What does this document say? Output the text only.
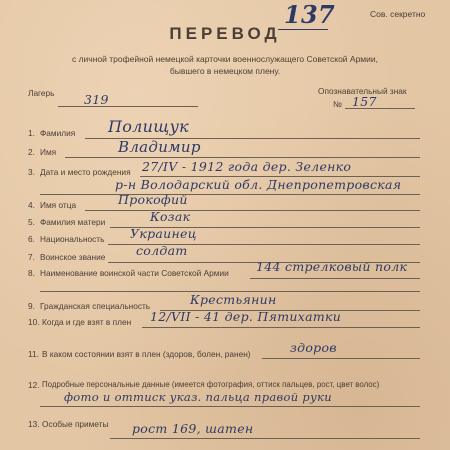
Сов. секретно
137
ПЕРЕВОД
с личной трофейной немецкой карточки военнослужащего Советской Армии,
бывшего в немецком плену.
Лагерь 319
Опознавательный знак
№ 157
1. Фамилия Полищук
2. Имя	Владимир
3. Дата и место рождения 27/IV - 1912 года дер. Зеленко
р-н Володарский обл. Днепропетровская
4. Имя отца	Прокофий
5. Фамилия матери	Козак
6. Национальность Украинец
7. Воинское звание солдат
8. Наименование воинской части Советской Армии 144 стрелковый полк
9. Гражданская специальность	Крестьянин
10. Когда и где взят в плен 12/VII - 41 дер. Пятихатки
11. В каком состоянии взят в плен (здоров, болен, ранен)	здоров
12. Подробные персональные данные (имеется фотография, оттиск пальцев, рост, цвет волос)
фото и оттиск указ. пальца правой руки
13. Особые приметы рост 169, шатен
